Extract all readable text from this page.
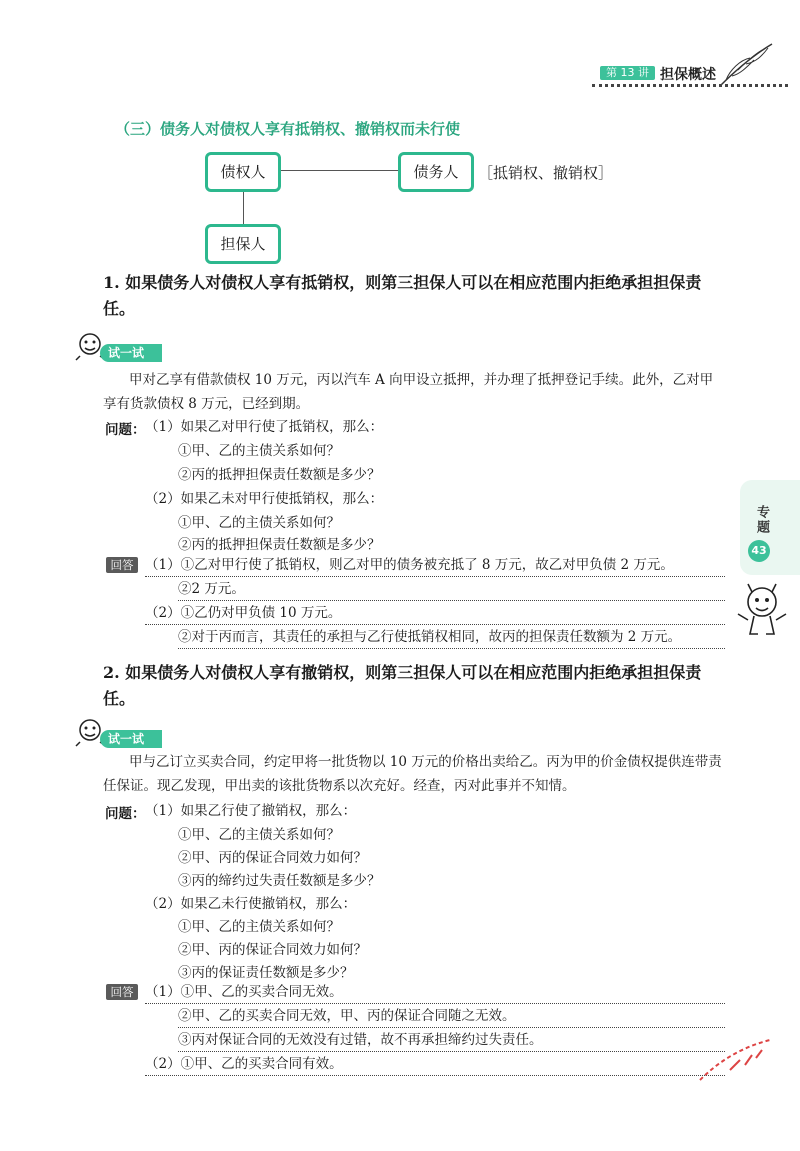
第 13 讲 担保概述
（三）债务人对债权人享有抵销权、撤销权而未行使
债权人	债务人
担保人
［抵销权、撤销权］
1. 如果债务人对债权人享有抵销权，则第三担保人可以在相应范围内拒绝承担担保责任。
试一试
甲对乙享有借款债权 10 万元，丙以汽车 A 向甲设立抵押，并办理了抵押登记手续。此外，乙对甲享有货款债权 8 万元，已经到期。
问题： （1）如果乙对甲行使了抵销权，那么：
①甲、乙的主债关系如何？
②丙的抵押担保责任数额是多少？
（2）如果乙未对甲行使抵销权，那么：
①甲、乙的主债关系如何？
②丙的抵押担保责任数额是多少？
回答 （1）①乙对甲行使了抵销权，则乙对甲的债务被充抵了 8 万元，故乙对甲负债 2 万元。
②2 万元。
（2）①乙仍对甲负债 10 万元。
②对于丙而言，其责任的承担与乙行使抵销权相同，故丙的担保责任数额为 2 万元。
2. 如果债务人对债权人享有撤销权，则第三担保人可以在相应范围内拒绝承担担保责任。
试一试
甲与乙订立买卖合同，约定甲将一批货物以 10 万元的价格出卖给乙。丙为甲的价金债权提供连带责任保证。现乙发现，甲出卖的该批货物系以次充好。经查，丙对此事并不知情。
问题： （1）如果乙行使了撤销权，那么：
①甲、乙的主债关系如何？
②甲、丙的保证合同效力如何？
③丙的缔约过失责任数额是多少？
（2）如果乙未行使撤销权，那么：
①甲、乙的主债关系如何？
②甲、丙的保证合同效力如何？
③丙的保证责任数额是多少？
回答 （1）①甲、乙的买卖合同无效。
②甲、乙的买卖合同无效，甲、丙的保证合同随之无效。
③丙对保证合同的无效没有过错，故不再承担缔约过失责任。
（2）①甲、乙的买卖合同有效。
专题
43
